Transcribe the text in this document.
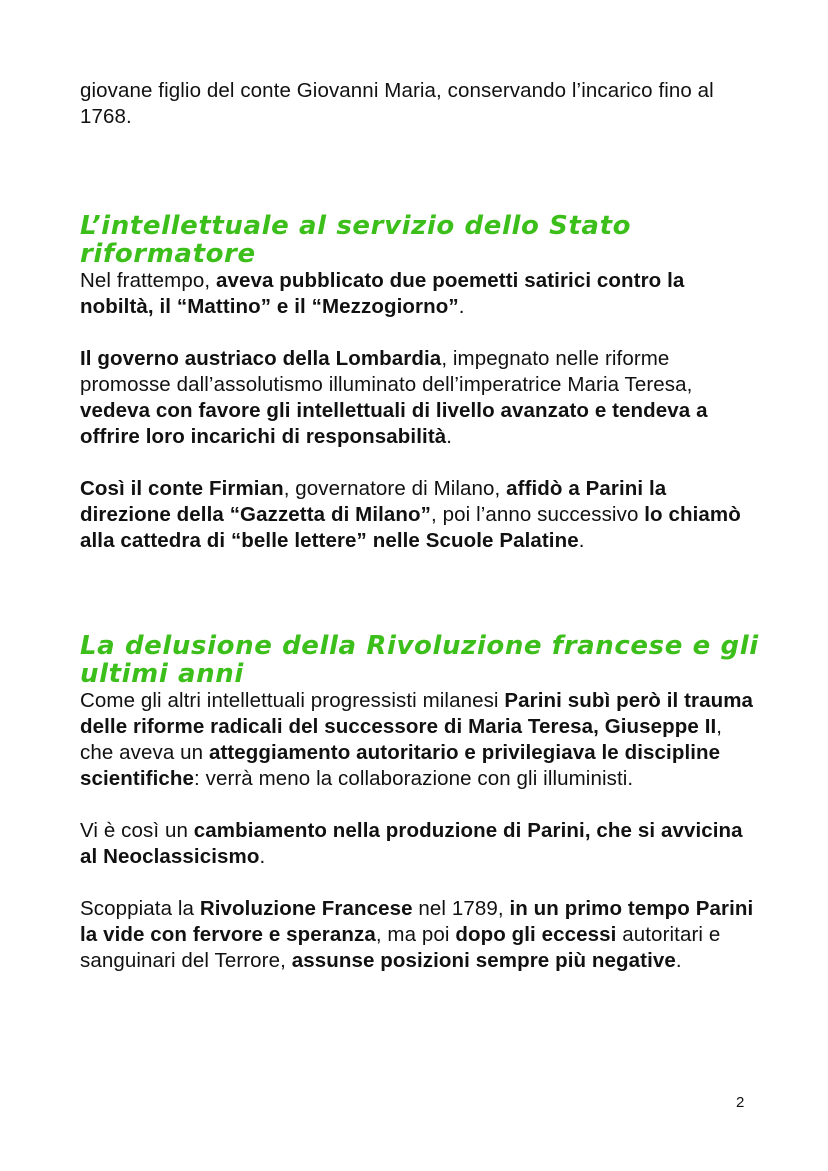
giovane figlio del conte Giovanni Maria, conservando l’incarico fino al 1768.

L’intellettuale al servizio dello Stato riformatore

Nel frattempo, aveva pubblicato due poemetti satirici contro la nobiltà, il “Mattino” e il “Mezzogiorno”.

Il governo austriaco della Lombardia, impegnato nelle riforme promosse dall’assolutismo illuminato dell’imperatrice Maria Teresa, vedeva con favore gli intellettuali di livello avanzato e tendeva a offrire loro incarichi di responsabilità.

Così il conte Firmian, governatore di Milano, affidò a Parini la direzione della “Gazzetta di Milano”, poi l’anno successivo lo chiamò alla cattedra di “belle lettere” nelle Scuole Palatine.

La delusione della Rivoluzione francese e gli ultimi anni

Come gli altri intellettuali progressisti milanesi Parini subì però il trauma delle riforme radicali del successore di Maria Teresa, Giuseppe II, che aveva un atteggiamento autoritario e privilegiava le discipline scientifiche: verrà meno la collaborazione con gli illuministi.

Vi è così un cambiamento nella produzione di Parini, che si avvicina al Neoclassicismo.

Scoppiata la Rivoluzione Francese nel 1789, in un primo tempo Parini la vide con fervore e speranza, ma poi dopo gli eccessi autoritari e sanguinari del Terrore, assunse posizioni sempre più negative.

2
